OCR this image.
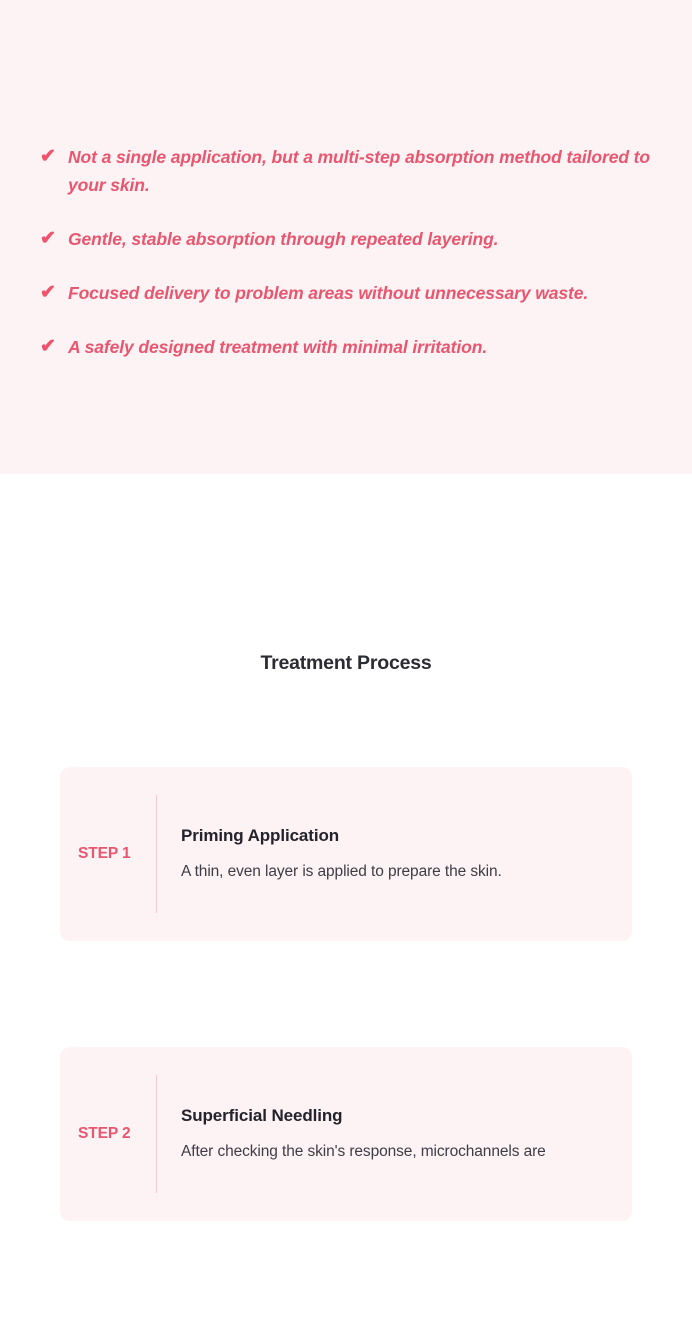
✔ Not a single application, but a multi-step absorption method tailored to your skin.
✔ Gentle, stable absorption through repeated layering.
✔ Focused delivery to problem areas without unnecessary waste.
✔ A safely designed treatment with minimal irritation.
Treatment Process
STEP 1
Priming Application
A thin, even layer is applied to prepare the skin.
STEP 2
Superficial Needling
After checking the skin's response, microchannels are
